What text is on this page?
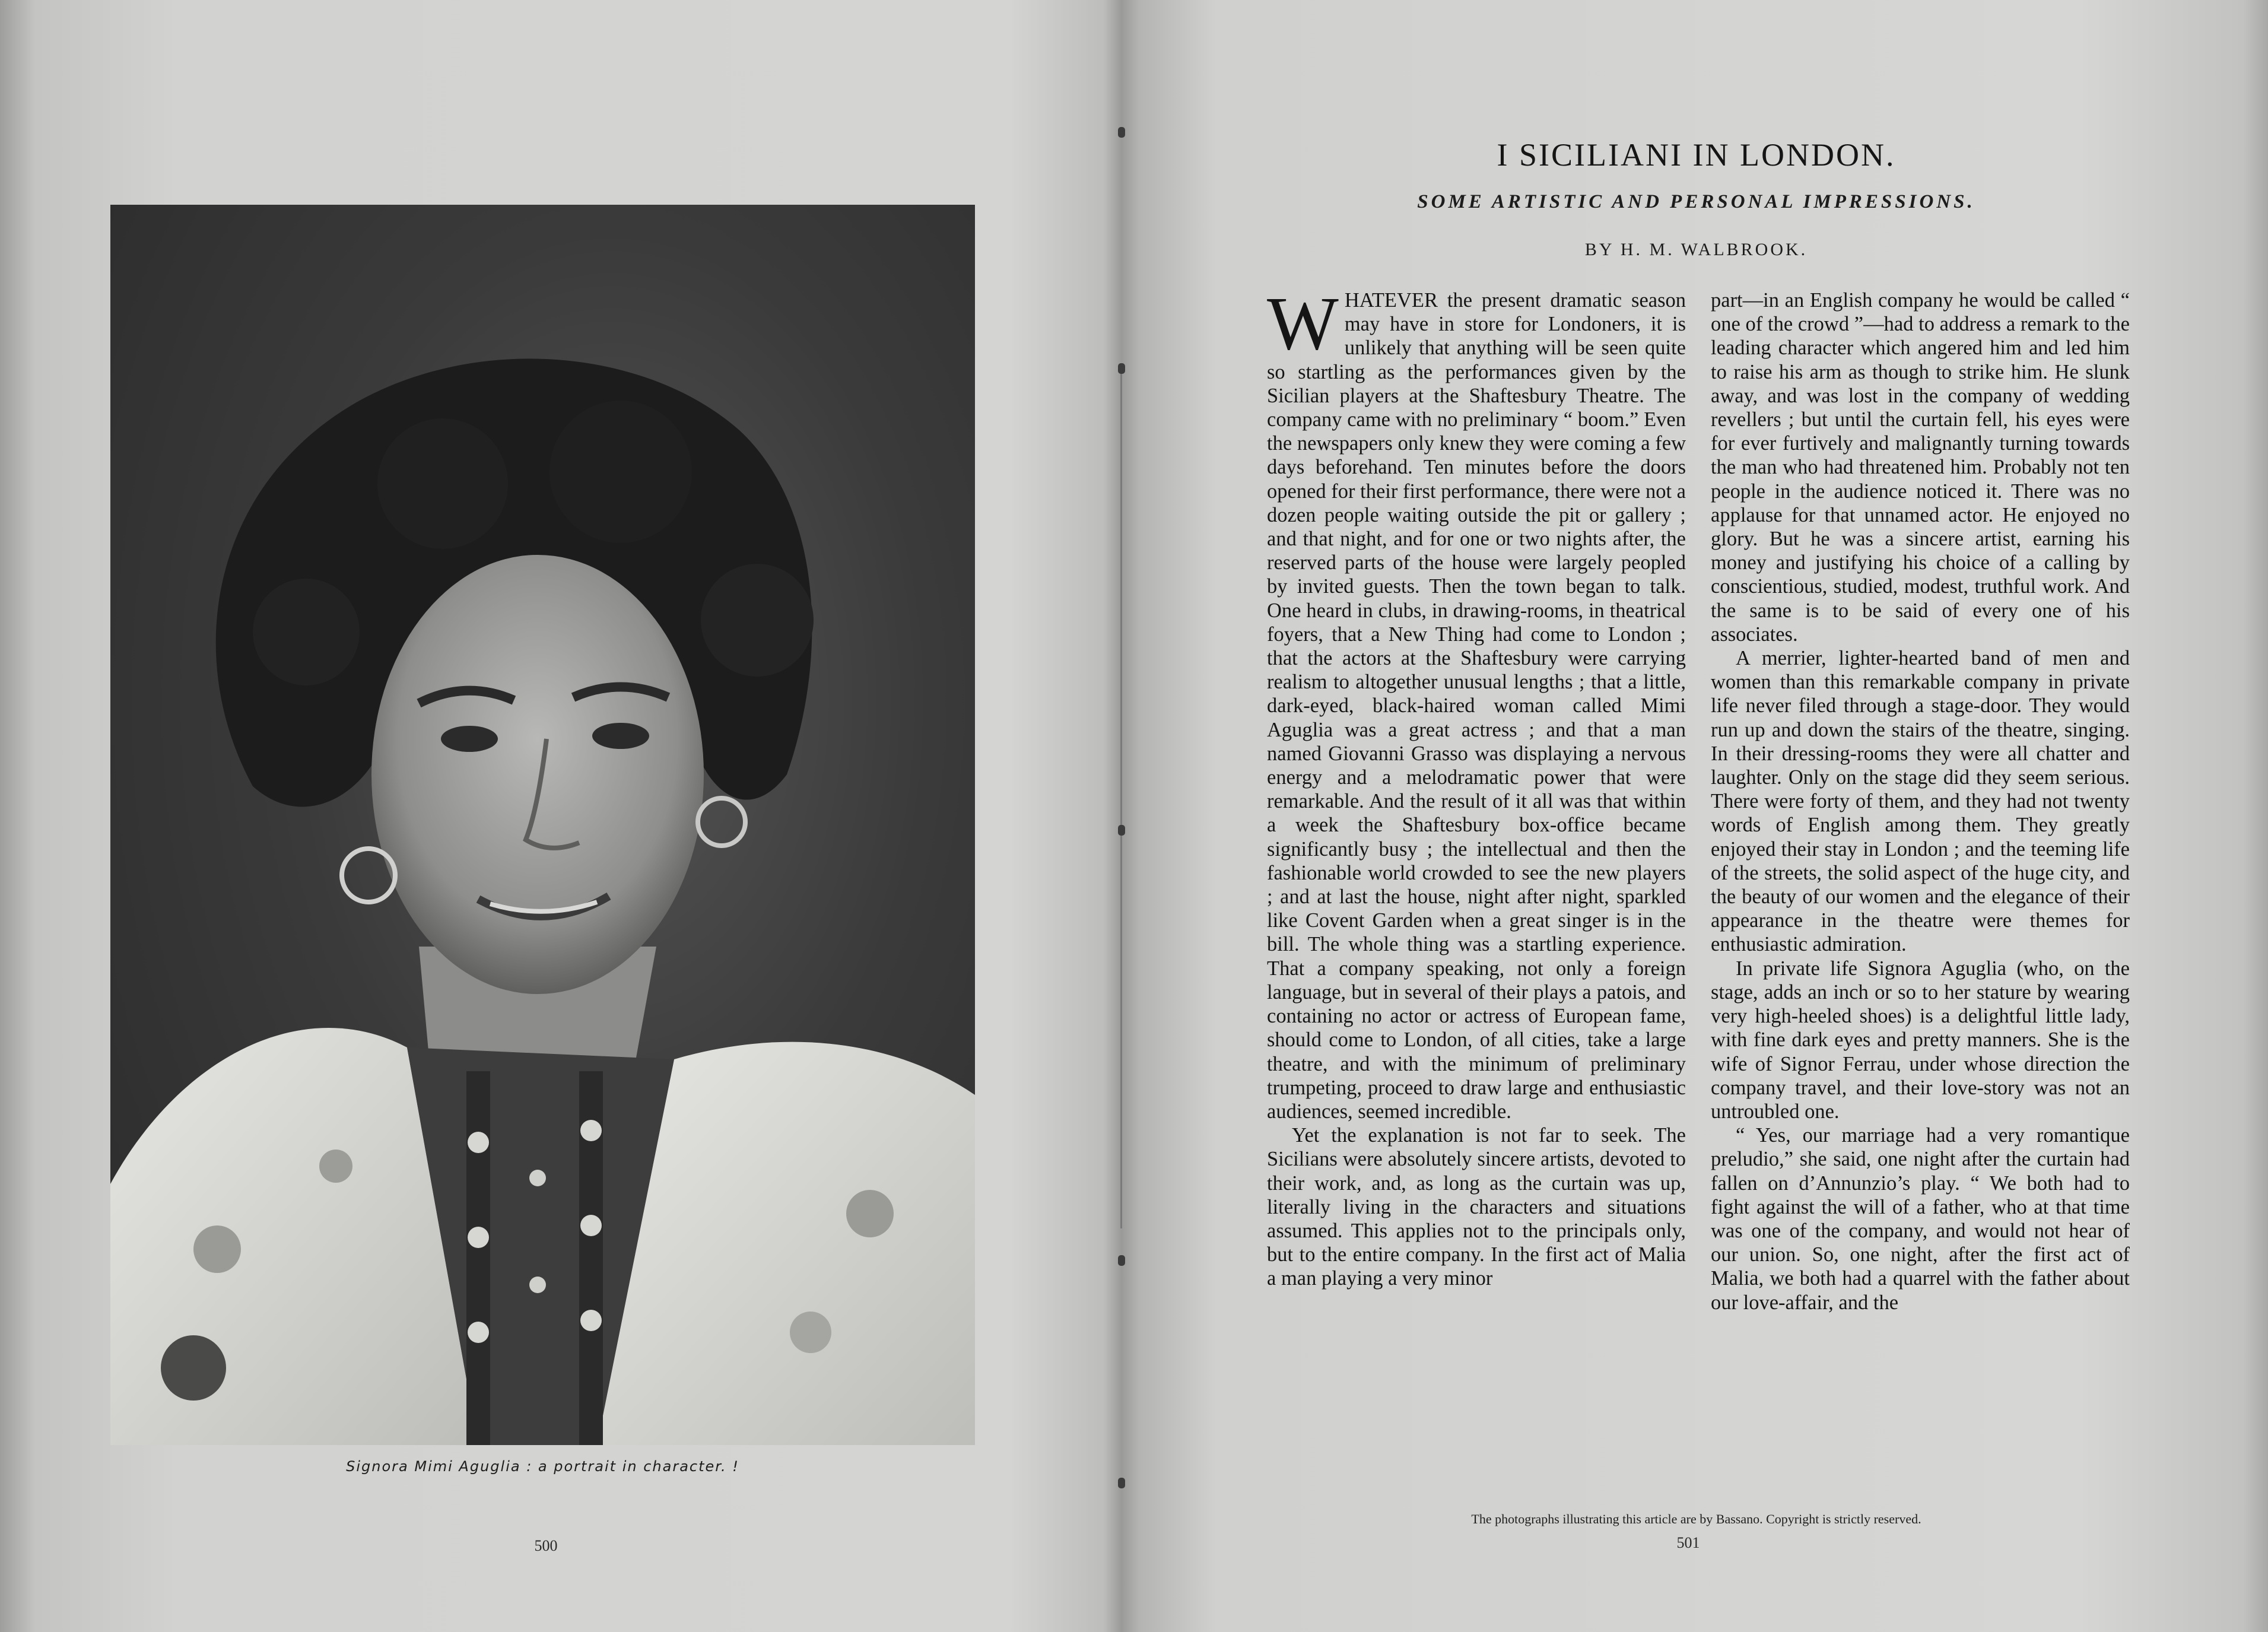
Signora Mimi Aguglia : a portrait in character. !
500
I SICILIANI IN LONDON.
SOME ARTISTIC AND PERSONAL IMPRESSIONS.
BY H. M. WALBROOK.

WHATEVER the present dramatic season may have in store for Londoners, it is unlikely that anything will be seen quite so startling as the performances given by the Sicilian players at the Shaftesbury Theatre. The company came with no preliminary “ boom.” Even the newspapers only knew they were coming a few days beforehand. Ten minutes before the doors opened for their first performance, there were not a dozen people waiting outside the pit or gallery ; and that night, and for one or two nights after, the reserved parts of the house were largely peopled by invited guests. Then the town began to talk. One heard in clubs, in drawing-rooms, in theatrical foyers, that a New Thing had come to London ; that the actors at the Shaftesbury were carrying realism to altogether unusual lengths ; that a little, dark-eyed, black-haired woman called Mimi Aguglia was a great actress ; and that a man named Giovanni Grasso was displaying a nervous energy and a melodramatic power that were remarkable. And the result of it all was that within a week the Shaftesbury box-office became significantly busy ; the intellectual and then the fashionable world crowded to see the new players ; and at last the house, night after night, sparkled like Covent Garden when a great singer is in the bill. The whole thing was a startling experience. That a company speaking, not only a foreign language, but in several of their plays a patois, and containing no actor or actress of European fame, should come to London, of all cities, take a large theatre, and with the minimum of preliminary trumpeting, proceed to draw large and enthusiastic audiences, seemed incredible.

Yet the explanation is not far to seek. The Sicilians were absolutely sincere artists, devoted to their work, and, as long as the curtain was up, literally living in the characters and situations assumed. This applies not to the principals only, but to the entire company. In the first act of Malia a man playing a very minor

part—in an English company he would be called “ one of the crowd ”—had to address a remark to the leading character which angered him and led him to raise his arm as though to strike him. He slunk away, and was lost in the company of wedding revellers ; but until the curtain fell, his eyes were for ever furtively and malignantly turning towards the man who had threatened him. Probably not ten people in the audience noticed it. There was no applause for that unnamed actor. He enjoyed no glory. But he was a sincere artist, earning his money and justifying his choice of a calling by conscientious, studied, modest, truthful work. And the same is to be said of every one of his associates.

A merrier, lighter-hearted band of men and women than this remarkable company in private life never filed through a stage-door. They would run up and down the stairs of the theatre, singing. In their dressing-rooms they were all chatter and laughter. Only on the stage did they seem serious. There were forty of them, and they had not twenty words of English among them. They greatly enjoyed their stay in London ; and the teeming life of the streets, the solid aspect of the huge city, and the beauty of our women and the elegance of their appearance in the theatre were themes for enthusiastic admiration.

In private life Signora Aguglia (who, on the stage, adds an inch or so to her stature by wearing very high-heeled shoes) is a delightful little lady, with fine dark eyes and pretty manners. She is the wife of Signor Ferrau, under whose direction the company travel, and their love-story was not an untroubled one.

“ Yes, our marriage had a very romantique preludio,” she said, one night after the curtain had fallen on d’Annunzio’s play. “ We both had to fight against the will of a father, who at that time was one of the company, and would not hear of our union. So, one night, after the first act of Malia, we both had a quarrel with the father about our love-affair, and the

The photographs illustrating this article are by Bassano. Copyright is strictly reserved.
501
